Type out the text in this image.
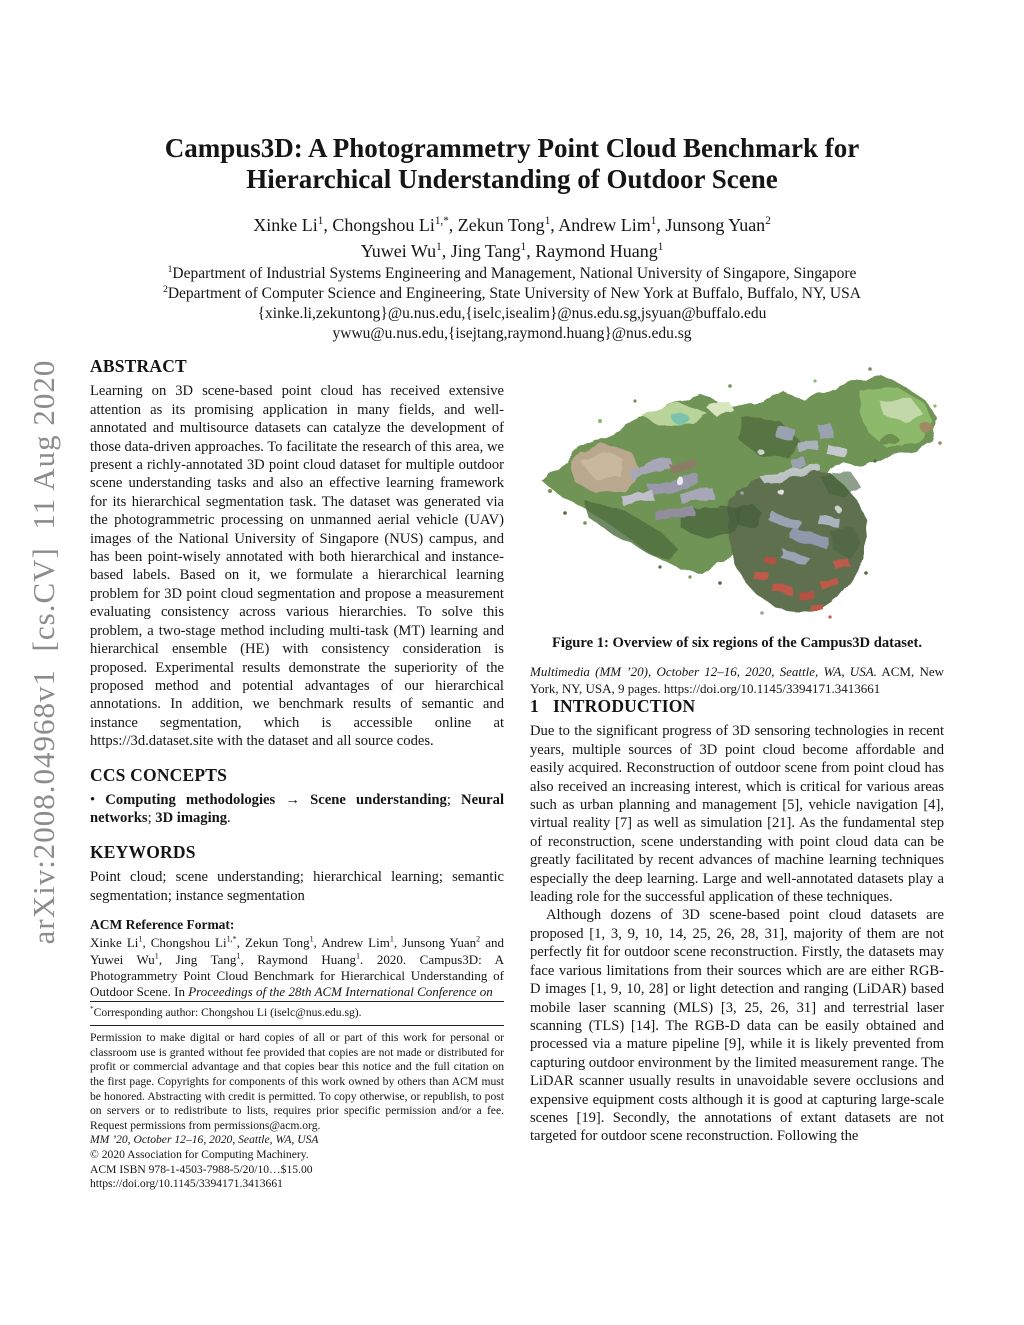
arXiv:2008.04968v1  [cs.CV]  11 Aug 2020
Campus3D: A Photogrammetry Point Cloud Benchmark for Hierarchical Understanding of Outdoor Scene
Xinke Li$^1$, Chongshou $Li^{1,*}$, Zekun Tong$^1$, Andrew Lim$^1$, Junsong Yuan$^2$
Yuwei Wu$^1$, Jing Tang$^1$, Raymond Huang$^1$
$^1$Department of Industrial Systems Engineering and Management, National University of Singapore, Singapore
$^2$Department of Computer Science and Engineering, State University of New York at Buffalo, Buffalo, NY, USA
{xinke.li,zekuntong}@u.nus.edu,{iselc,isealim}@nus.edu.sg,jsyuan@buffalo.edu
ywwu@u.nus.edu,{isejtang,raymond.huang}@nus.edu.sg
ABSTRACT

Learning on 3D scene-based point cloud has received extensive attention as its promising application in many fields, and well-annotated and multisource datasets can catalyze the development of those data-driven approaches. To facilitate the research of this area, we present a richly-annotated 3D point cloud dataset for multiple outdoor scene understanding tasks and also an effective learning framework for its hierarchical segmentation task. The dataset was generated via the photogrammetric processing on unmanned aerial vehicle (UAV) images of the National University of Singapore (NUS) campus, and has been point-wisely annotated with both hierarchical and instance-based labels. Based on it, we formulate a hierarchical learning problem for 3D point cloud segmentation and propose a measurement evaluating consistency across various hierarchies. To solve this problem, a two-stage method including multi-task (MT) learning and hierarchical ensemble (HE) with consistency consideration is proposed. Experimental results demonstrate the superiority of the proposed method and potential advantages of our hierarchical annotations. In addition, we benchmark results of semantic and instance segmentation, which is accessible online at https://3d.dataset.site with the dataset and all source codes.

CCS CONCEPTS

• Computing methodologies → Scene understanding; Neural networks; 3D imaging.

KEYWORDS

Point cloud; scene understanding; hierarchical learning; semantic segmentation; instance segmentation

ACM Reference Format:

Xinke Li$^1$, Chongshou $Li^{1,*}$, Zekun Tong$^1$, Andrew Lim$^1$, Junsong Yuan$^2$ and Yuwei Wu$^1$, Jing Tang$^1$, Raymond Huang$^1$. 2020. Campus3D: A Photogrammetry Point Cloud Benchmark for Hierarchical Understanding of Outdoor Scene. In Proceedings of the 28th ACM International Conference on

*Corresponding author: Chongshou Li (iselc@nus.edu.sg).

Permission to make digital or hard copies of all or part of this work for personal or classroom use is granted without fee provided that copies are not made or distributed for profit or commercial advantage and that copies bear this notice and the full citation on the first page. Copyrights for components of this work owned by others than ACM must be honored. Abstracting with credit is permitted. To copy otherwise, or republish, to post on servers or to redistribute to lists, requires prior specific permission and/or a fee. Request permissions from permissions@acm.org.

MM ’20, October 12–16, 2020, Seattle, WA, USA

© 2020 Association for Computing Machinery.

ACM ISBN 978-1-4503-7988-5/20/10…$15.00

https://doi.org/10.1145/3394171.3413661

Figure 1: Overview of six regions of the Campus3D dataset.

Multimedia (MM ’20), October 12–16, 2020, Seattle, WA, USA. ACM, New York, NY, USA, 9 pages. https://doi.org/10.1145/3394171.3413661

1 INTRODUCTION

Due to the significant progress of 3D sensoring technologies in recent years, multiple sources of 3D point cloud become affordable and easily acquired. Reconstruction of outdoor scene from point cloud has also received an increasing interest, which is critical for various areas such as urban planning and management [5], vehicle navigation [4], virtual reality [7] as well as simulation [21]. As the fundamental step of reconstruction, scene understanding with point cloud data can be greatly facilitated by recent advances of machine learning techniques especially the deep learning. Large and well-annotated datasets play a leading role for the successful application of these techniques.

Although dozens of 3D scene-based point cloud datasets are proposed [1, 3, 9, 10, 14, 25, 26, 28, 31], majority of them are not perfectly fit for outdoor scene reconstruction. Firstly, the datasets may face various limitations from their sources which are are either RGB-D images [1, 9, 10, 28] or light detection and ranging (LiDAR) based mobile laser scanning (MLS) [3, 25, 26, 31] and terrestrial laser scanning (TLS) [14]. The RGB-D data can be easily obtained and processed via a mature pipeline [9], while it is likely prevented from capturing outdoor environment by the limited measurement range. The LiDAR scanner usually results in unavoidable severe occlusions and expensive equipment costs although it is good at capturing large-scale scenes [19]. Secondly, the annotations of extant datasets are not targeted for outdoor scene reconstruction. Following the
